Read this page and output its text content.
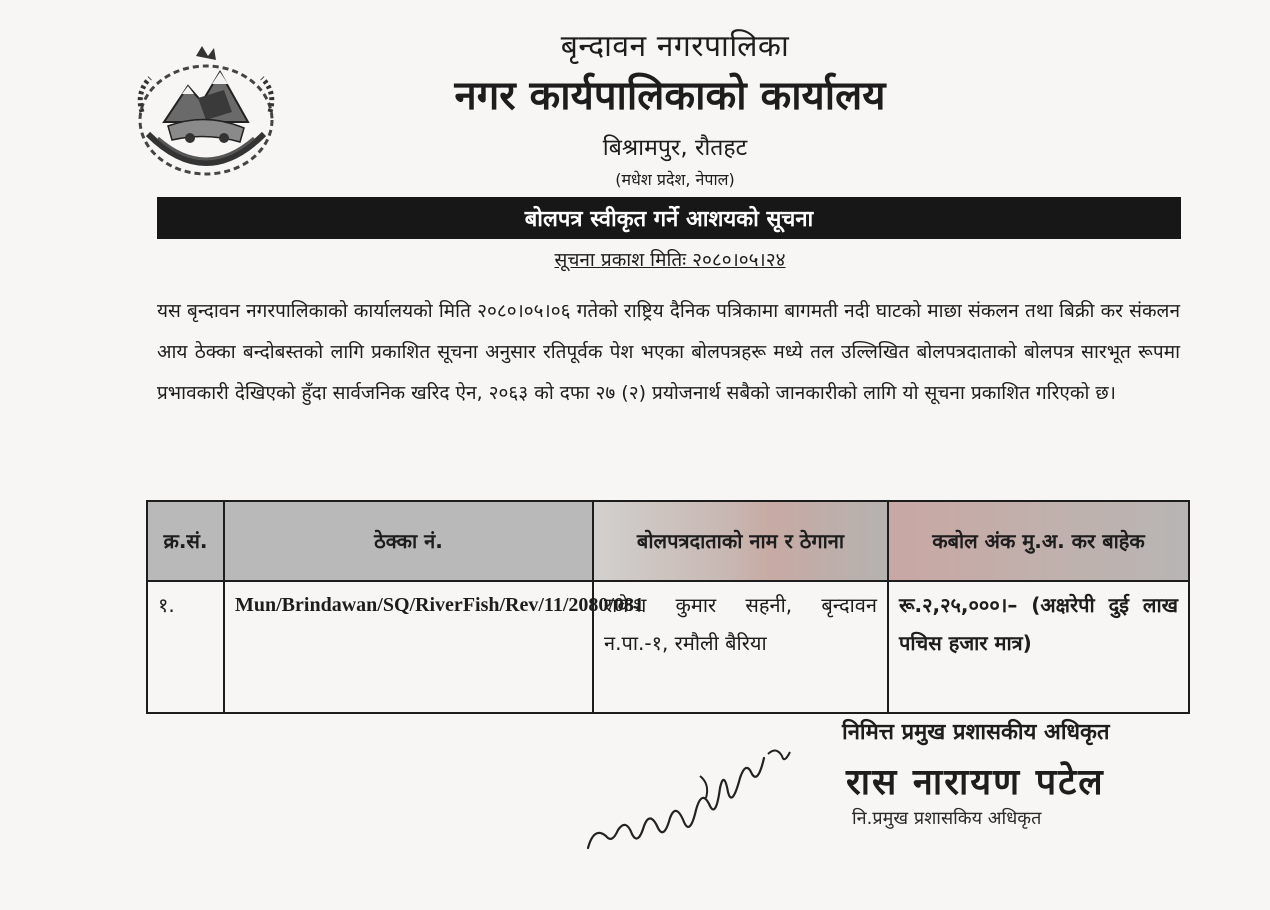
बृन्दावन नगरपालिका
नगर कार्यपालिकाको कार्यालय
बिश्रामपुर, रौतहट
(मधेश प्रदेश, नेपाल)
बोलपत्र स्वीकृत गर्ने आशयको सूचना
सूचना प्रकाश मितिः २०८०।०५।२४
यस बृन्दावन नगरपालिकाको कार्यालयको मिति २०८०।०५।०६ गतेको राष्ट्रिय दैनिक पत्रिकामा बागमती नदी घाटको माछा संकलन तथा बिक्री कर संकलन आय ठेक्का बन्दोबस्तको लागि प्रकाशित सूचना अनुसार रतिपूर्वक पेश भएका बोलपत्रहरू मध्ये तल उल्लिखित बोलपत्रदाताको बोलपत्र सारभूत रूपमा प्रभावकारी देखिएको हुँदा सार्वजनिक खरिद ऐन, २०६३ को दफा २७ (२) प्रयोजनार्थ सबैको जानकारीको लागि यो सूचना प्रकाशित गरिएको छ।
क्र.सं.	ठेक्का नं.	बोलपत्रदाताको नाम र ठेगाना	कबोल अंक मु.अ. कर बाहेक
१.	Mun/Brindawan/SQ/RiverFish/Rev/11/2080/081	राकेश कुमार सहनी, बृन्दावन न.पा.-१, रमौली बैरिया	रू.२,२५,०००।– (अक्षरेपी दुई लाख पचिस हजार मात्र)
निमित्त प्रमुख प्रशासकीय अधिकृत
रास नारायण पटेल
नि.प्रमुख प्रशासकिय अधिकृत
